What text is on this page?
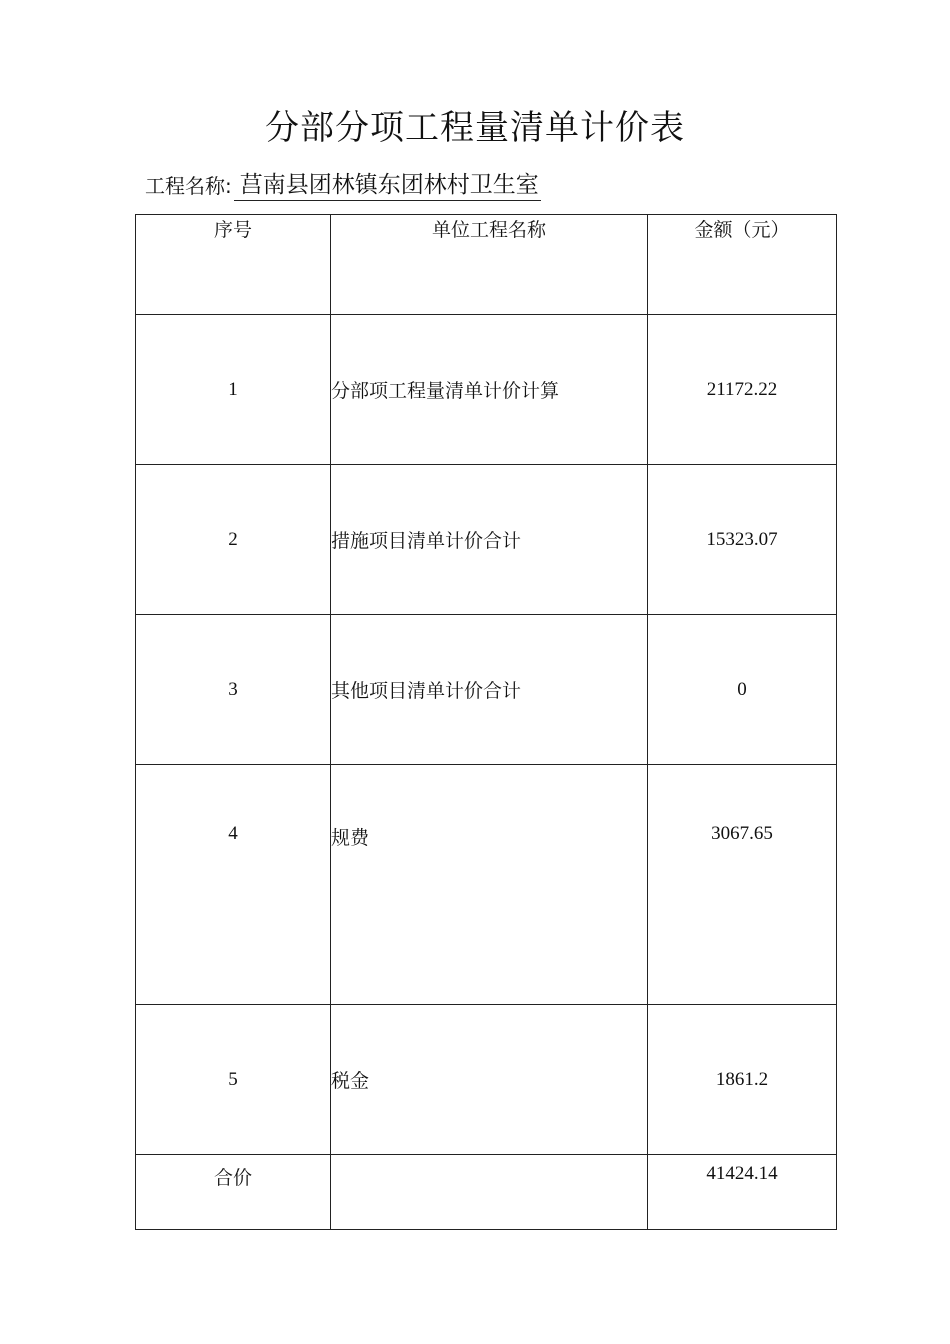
分部分项工程量清单计价表
工程名称: 莒南县团林镇东团林村卫生室
序号	单位工程名称	金额（元）
1	分部项工程量清单计价计算	21172.22
2	措施项目清单计价合计	15323.07
3	其他项目清单计价合计	0
4	规费	3067.65
5	税金	1861.2
合价		41424.14
